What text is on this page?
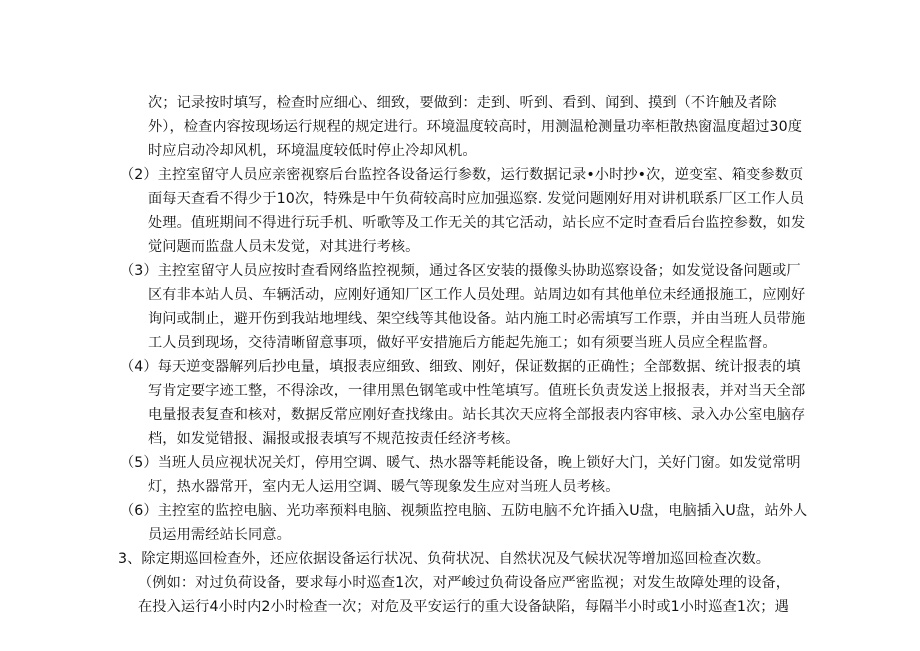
次；记录按时填写，检查时应细心、细致，要做到：走到、听到、看到、闻到、摸到（不许触及者除
外），检查内容按现场运行规程的规定进行。环境温度较高时，用测温枪测量功率柜散热窗温度超过30度
时应启动冷却风机，环境温度较低时停止冷却风机。
（2）主控室留守人员应亲密视察后台监控各设备运行参数，运行数据记录•小时抄•次，逆变室、箱变参数页
面每天查看不得少于10次，特殊是中午负荷较高时应加强巡察. 发觉问题刚好用对讲机联系厂区工作人员
处理。值班期间不得进行玩手机、听歌等及工作无关的其它活动，站长应不定时查看后台监控参数，如发
觉问题而监盘人员未发觉，对其进行考核。
（3）主控室留守人员应按时查看网络监控视频，通过各区安装的摄像头协助巡察设备；如发觉设备问题或厂
区有非本站人员、车辆活动，应刚好通知厂区工作人员处理。站周边如有其他单位未经通报施工，应刚好
询问或制止，避开伤到我站地埋线、架空线等其他设备。站内施工时必需填写工作票，并由当班人员带施
工人员到现场，交待清晰留意事项，做好平安措施后方能起先施工；如有须要当班人员应全程监督。
（4）每天逆变器解列后抄电量，填报表应细致、细致、刚好，保证数据的正确性；全部数据、统计报表的填
写肯定要字迹工整，不得涂改，一律用黑色钢笔或中性笔填写。值班长负责发送上报报表，并对当天全部
电量报表复查和核对，数据反常应刚好查找缘由。站长其次天应将全部报表内容审核、录入办公室电脑存
档，如发觉错报、漏报或报表填写不规范按责任经济考核。
（5）当班人员应视状况关灯，停用空调、暖气、热水器等耗能设备，晚上锁好大门，关好门窗。如发觉常明
灯，热水器常开，室内无人运用空调、暖气等现象发生应对当班人员考核。
（6）主控室的监控电脑、光功率预料电脑、视频监控电脑、五防电脑不允许插入U盘，电脑插入U盘，站外人
员运用需经站长同意。
3、除定期巡回检查外，还应依据设备运行状况、负荷状况、自然状况及气候状况等增加巡回检查次数。
（例如：对过负荷设备，要求每小时巡查1次，对严峻过负荷设备应严密监视；对发生故障处理的设备，
在投入运行4小时内2小时检查一次；对危及平安运行的重大设备缺陷，每隔半小时或1小时巡查1次；遇
